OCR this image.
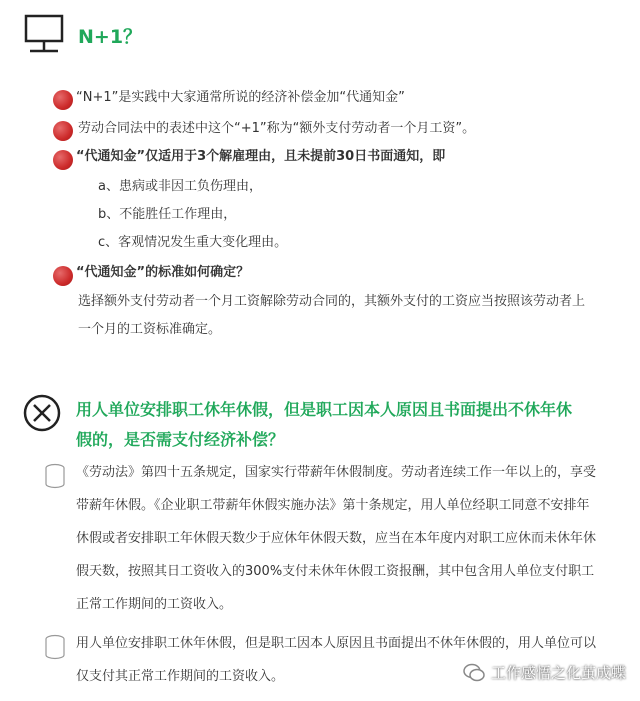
N+1？
“N+1”是实践中大家通常所说的经济补偿金加“代通知金”
劳动合同法中的表述中这个“+1”称为“额外支付劳动者一个月工资”。
“代通知金”仅适用于3个解雇理由，且未提前30日书面通知，即
a、患病或非因工负伤理由，
b、不能胜任工作理由，
c、客观情况发生重大变化理由。
“代通知金”的标准如何确定？
选择额外支付劳动者一个月工资解除劳动合同的，其额外支付的工资应当按照该劳动者上
一个月的工资标准确定。
用人单位安排职工休年休假，但是职工因本人原因且书面提出不休年休
假的，是否需支付经济补偿？
《劳动法》第四十五条规定，国家实行带薪年休假制度。劳动者连续工作一年以上的，享受
带薪年休假。《企业职工带薪年休假实施办法》第十条规定，用人单位经职工同意不安排年
休假或者安排职工年休假天数少于应休年休假天数，应当在本年度内对职工应休而未休年休
假天数，按照其日工资收入的300%支付未休年休假工资报酬，其中包含用人单位支付职工
正常工作期间的工资收入。
用人单位安排职工休年休假，但是职工因本人原因且书面提出不休年休假的，用人单位可以
仅支付其正常工作期间的工资收入。	工作感悟之化茧成蝶
